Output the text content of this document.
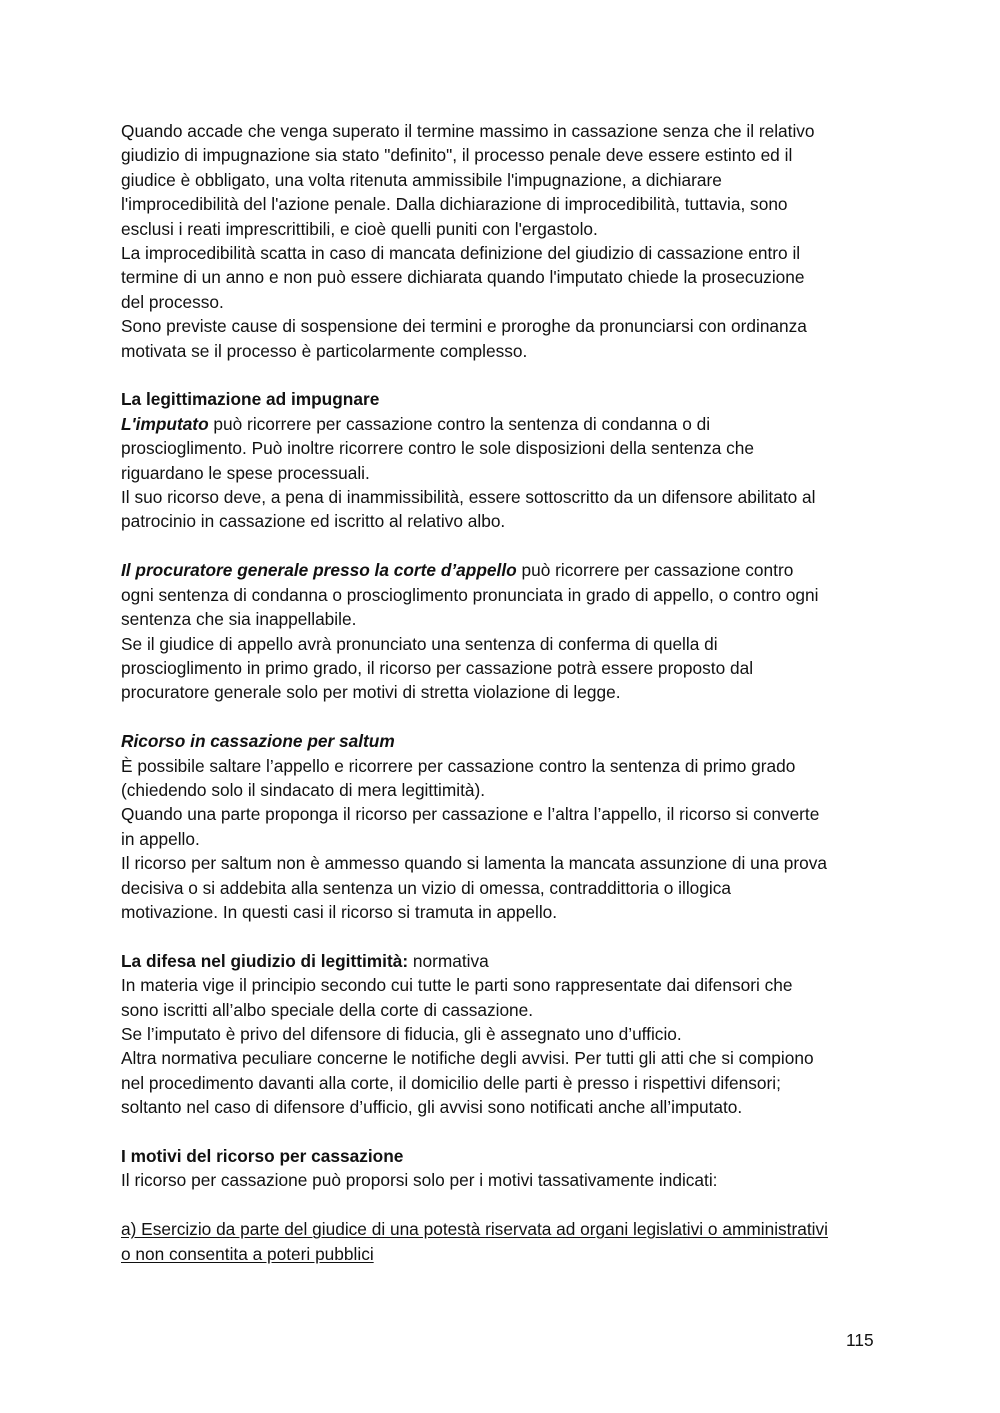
Quando accade che venga superato il termine massimo in cassazione senza che il relativo
giudizio di impugnazione sia stato "definito", il processo penale deve essere estinto ed il
giudice è obbligato, una volta ritenuta ammissibile l'impugnazione, a dichiarare
l'improcedibilità del l'azione penale. Dalla dichiarazione di improcedibilità, tuttavia, sono
esclusi i reati imprescrittibili, e cioè quelli puniti con l'ergastolo.
La improcedibilità scatta in caso di mancata definizione del giudizio di cassazione entro il
termine di un anno e non può essere dichiarata quando l'imputato chiede la prosecuzione
del processo.
Sono previste cause di sospensione dei termini e proroghe da pronunciarsi con ordinanza
motivata se il processo è particolarmente complesso.
La legittimazione ad impugnare
L'imputato può ricorrere per cassazione contro la sentenza di condanna o di
proscioglimento. Può inoltre ricorrere contro le sole disposizioni della sentenza che
riguardano le spese processuali.
Il suo ricorso deve, a pena di inammissibilità, essere sottoscritto da un difensore abilitato al
patrocinio in cassazione ed iscritto al relativo albo.
Il procuratore generale presso la corte d’appello può ricorrere per cassazione contro
ogni sentenza di condanna o proscioglimento pronunciata in grado di appello, o contro ogni
sentenza che sia inappellabile.
Se il giudice di appello avrà pronunciato una sentenza di conferma di quella di
proscioglimento in primo grado, il ricorso per cassazione potrà essere proposto dal
procuratore generale solo per motivi di stretta violazione di legge.
Ricorso in cassazione per saltum
È possibile saltare l’appello e ricorrere per cassazione contro la sentenza di primo grado
(chiedendo solo il sindacato di mera legittimità).
Quando una parte proponga il ricorso per cassazione e l’altra l’appello, il ricorso si converte
in appello.
Il ricorso per saltum non è ammesso quando si lamenta la mancata assunzione di una prova
decisiva o si addebita alla sentenza un vizio di omessa, contraddittoria o illogica
motivazione. In questi casi il ricorso si tramuta in appello.
La difesa nel giudizio di legittimità: normativa
In materia vige il principio secondo cui tutte le parti sono rappresentate dai difensori che
sono iscritti all’albo speciale della corte di cassazione.
Se l’imputato è privo del difensore di fiducia, gli è assegnato uno d’ufficio.
Altra normativa peculiare concerne le notifiche degli avvisi. Per tutti gli atti che si compiono
nel procedimento davanti alla corte, il domicilio delle parti è presso i rispettivi difensori;
soltanto nel caso di difensore d’ufficio, gli avvisi sono notificati anche all’imputato.
I motivi del ricorso per cassazione
Il ricorso per cassazione può proporsi solo per i motivi tassativamente indicati:
a) Esercizio da parte del giudice di una potestà riservata ad organi legislativi o amministrativi
o non consentita a poteri pubblici
115
